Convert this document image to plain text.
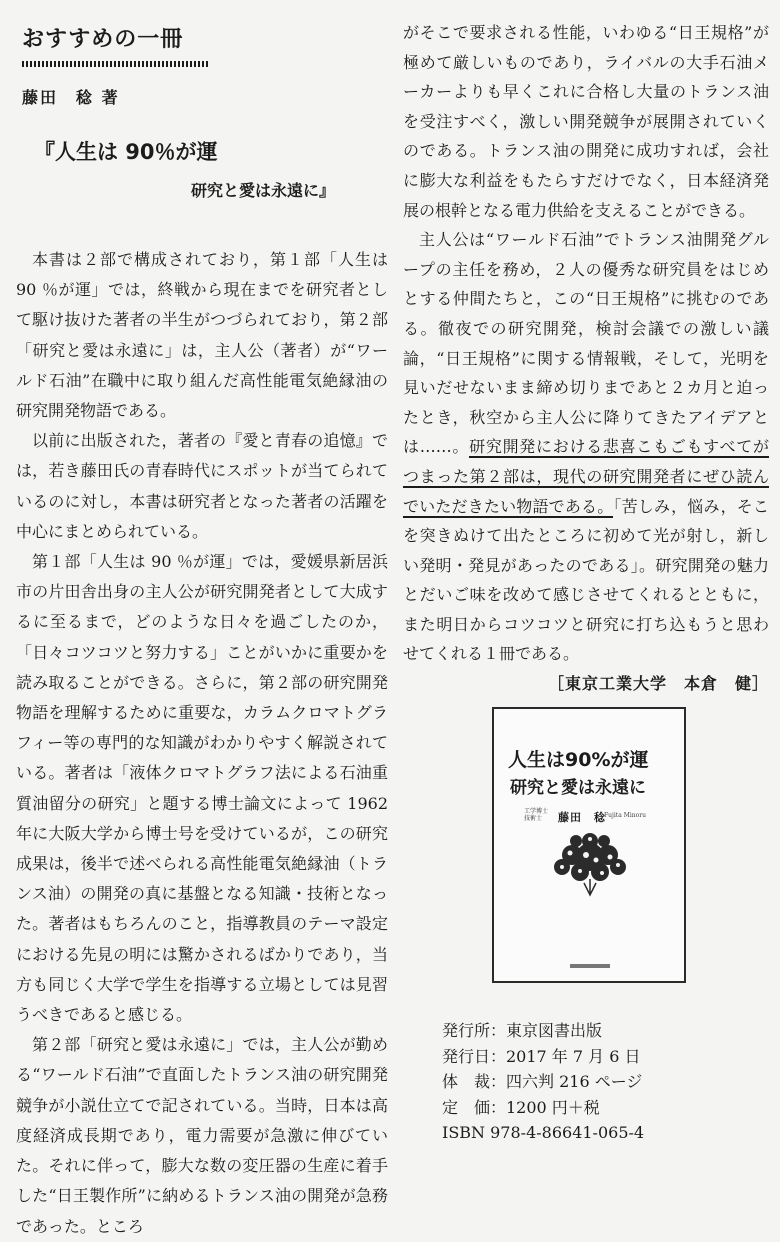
おすすめの一冊
藤田　稔 著
『人生は 90％が運
研究と愛は永遠に』

本書は２部で構成されており，第１部「人生は 90 ％が運」では，終戦から現在までを研究者として駆け抜けた著者の半生がつづられており，第２部「研究と愛は永遠に」は，主人公（著者）が“ワールド石油”在職中に取り組んだ高性能電気絶縁油の研究開発物語である。

以前に出版された，著者の『愛と青春の追憶』では，若き藤田氏の青春時代にスポットが当てられているのに対し，本書は研究者となった著者の活躍を中心にまとめられている。

第１部「人生は 90 ％が運」では，愛媛県新居浜市の片田舎出身の主人公が研究開発者として大成するに至るまで，どのような日々を過ごしたのか，「日々コツコツと努力する」ことがいかに重要かを読み取ることができる。さらに，第２部の研究開発物語を理解するために重要な，カラムクロマトグラフィー等の専門的な知識がわかりやすく解説されている。著者は「液体クロマトグラフ法による石油重質油留分の研究」と題する博士論文によって 1962 年に大阪大学から博士号を受けているが，この研究成果は，後半で述べられる高性能電気絶縁油（トランス油）の開発の真に基盤となる知識・技術となった。著者はもちろんのこと，指導教員のテーマ設定における先見の明には驚かされるばかりであり，当方も同じく大学で学生を指導する立場としては見習うべきであると感じる。

第２部「研究と愛は永遠に」では，主人公が勤める“ワールド石油”で直面したトランス油の研究開発競争が小説仕立てで記されている。当時，日本は高度経済成長期であり，電力需要が急激に伸びていた。それに伴って，膨大な数の変圧器の生産に着手した“日王製作所”に納めるトランス油の開発が急務であった。ところ

がそこで要求される性能，いわゆる“日王規格”が極めて厳しいものであり，ライバルの大手石油メーカーよりも早くこれに合格し大量のトランス油を受注すべく，激しい開発競争が展開されていくのである。トランス油の開発に成功すれば，会社に膨大な利益をもたらすだけでなく，日本経済発展の根幹となる電力供給を支えることができる。

主人公は“ワールド石油”でトランス油開発グループの主任を務め，２人の優秀な研究員をはじめとする仲間たちと，この“日王規格”に挑むのである。徹夜での研究開発，検討会議での激しい議論，“日王規格”に関する情報戦，そして，光明を見いだせないまま締め切りまであと２カ月と迫ったとき，秋空から主人公に降りてきたアイデアとは……。研究開発における悲喜こもごもすべてがつまった第２部は，現代の研究開発者にぜひ読んでいただきたい物語である。「苦しみ，悩み，そこを突きぬけて出たところに初めて光が射し，新しい発明・発見があったのである」。研究開発の魅力とだいご味を改めて感じさせてくれるとともに，また明日からコツコツと研究に打ち込もうと思わせてくれる１冊である。
［東京工業大学　本倉　健］

人生は90%が運
研究と愛は永遠に
工学博士
技術士	藤田　稔
Fujita Minoru
発行所：東京図書出版
発行日：2017 年 7 月 6 日
体　裁：四六判 216 ページ
定　価：1200 円＋税
ISBN 978-4-86641-065-4
